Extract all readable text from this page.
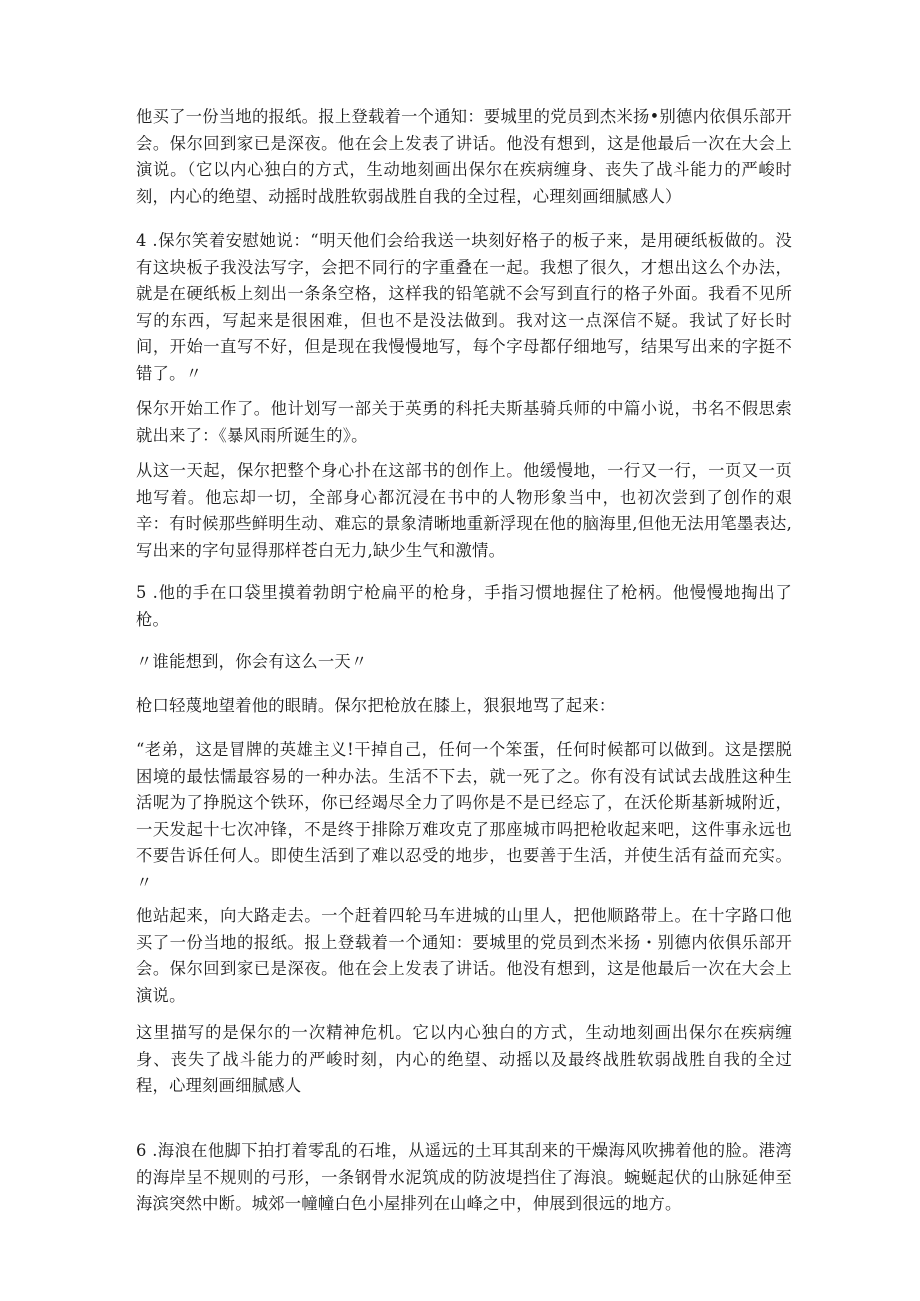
他买了一份当地的报纸。报上登载着一个通知：要城里的党员到杰米扬•别德内依俱乐部开会。保尔回到家已是深夜。他在会上发表了讲话。他没有想到，这是他最后一次在大会上演说。（它以内心独白的方式，生动地刻画出保尔在疾病缠身、丧失了战斗能力的严峻时刻，内心的绝望、动摇时战胜软弱战胜自我的全过程，心理刻画细腻感人）

4 .保尔笑着安慰她说：“明天他们会给我送一块刻好格子的板子来，是用硬纸板做的。没有这块板子我没法写字，会把不同行的字重叠在一起。我想了很久，才想出这么个办法，就是在硬纸板上刻出一条条空格，这样我的铅笔就不会写到直行的格子外面。我看不见所写的东西，写起来是很困难，但也不是没法做到。我对这一点深信不疑。我试了好长时间，开始一直写不好，但是现在我慢慢地写，每个字母都仔细地写，结果写出来的字挺不错了。〃

保尔开始工作了。他计划写一部关于英勇的科托夫斯基骑兵师的中篇小说，书名不假思索就出来了：《暴风雨所诞生的》。

从这一天起，保尔把整个身心扑在这部书的创作上。他缓慢地，一行又一行，一页又一页地写着。他忘却一切，全部身心都沉浸在书中的人物形象当中，也初次尝到了创作的艰辛：有时候那些鲜明生动、难忘的景象清晰地重新浮现在他的脑海里,但他无法用笔墨表达,写出来的字句显得那样苍白无力,缺少生气和激情。

5 .他的手在口袋里摸着勃朗宁枪扁平的枪身，手指习惯地握住了枪柄。他慢慢地掏出了枪。

〃谁能想到，你会有这么一天〃

枪口轻蔑地望着他的眼睛。保尔把枪放在膝上，狠狠地骂了起来：

“老弟，这是冒牌的英雄主义!干掉自己，任何一个笨蛋，任何时候都可以做到。这是摆脱困境的最怯懦最容易的一种办法。生活不下去，就一死了之。你有没有试试去战胜这种生活呢为了挣脱这个铁环，你已经竭尽全力了吗你是不是已经忘了，在沃伦斯基新城附近，一天发起十七次冲锋，不是终于排除万难攻克了那座城市吗把枪收起来吧，这件事永远也不要告诉任何人。即使生活到了难以忍受的地步，也要善于生活，并使生活有益而充实。〃

他站起来，向大路走去。一个赶着四轮马车进城的山里人，把他顺路带上。在十字路口他买了一份当地的报纸。报上登载着一个通知：要城里的党员到杰米扬・别德内依俱乐部开会。保尔回到家已是深夜。他在会上发表了讲话。他没有想到，这是他最后一次在大会上演说。

这里描写的是保尔的一次精神危机。它以内心独白的方式，生动地刻画出保尔在疾病缠身、丧失了战斗能力的严峻时刻，内心的绝望、动摇以及最终战胜软弱战胜自我的全过程，心理刻画细腻感人

6 .海浪在他脚下拍打着零乱的石堆，从遥远的土耳其刮来的干燥海风吹拂着他的脸。港湾的海岸呈不规则的弓形，一条钢骨水泥筑成的防波堤挡住了海浪。蜿蜒起伏的山脉延伸至海滨突然中断。城郊一幢幢白色小屋排列在山峰之中，伸展到很远的地方。
